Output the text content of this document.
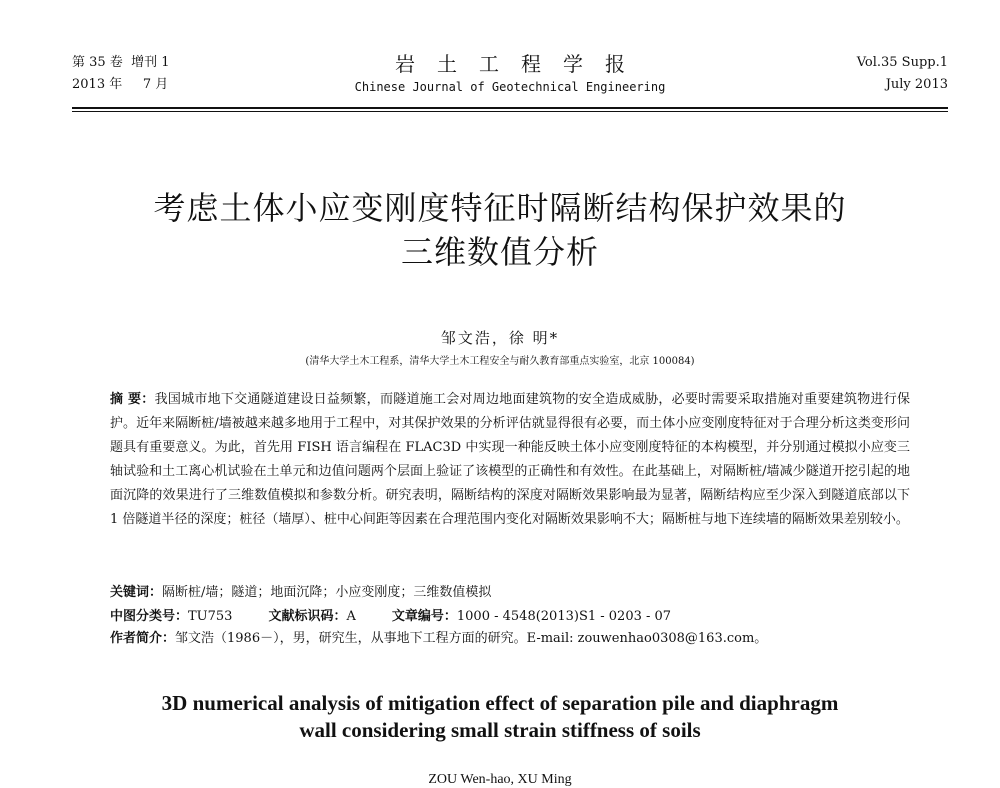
第 35 卷 增刊 1
2013 年 7 月
岩土工程学报
Chinese Journal of Geotechnical Engineering
Vol.35 Supp.1
July 2013
考虑土体小应变刚度特征时隔断结构保护效果的
三维数值分析
邹文浩，徐 明*
(清华大学土木工程系，清华大学土木工程安全与耐久教育部重点实验室，北京 100084)
摘 要：我国城市地下交通隧道建设日益频繁，而隧道施工会对周边地面建筑物的安全造成威胁，必要时需要采取措施对重要建筑物进行保护。近年来隔断桩/墙被越来越多地用于工程中，对其保护效果的分析评估就显得很有必要，而土体小应变刚度特征对于合理分析这类变形问题具有重要意义。为此，首先用 FISH 语言编程在 FLAC3D 中实现一种能反映土体小应变刚度特征的本构模型，并分别通过模拟小应变三轴试验和土工离心机试验在土单元和边值问题两个层面上验证了该模型的正确性和有效性。在此基础上，对隔断桩/墙减少隧道开挖引起的地面沉降的效果进行了三维数值模拟和参数分析。研究表明，隔断结构的深度对隔断效果影响最为显著，隔断结构应至少深入到隧道底部以下 1 倍隧道半径的深度；桩径（墙厚）、桩中心间距等因素在合理范围内变化对隔断效果影响不大；隔断桩与地下连续墙的隔断效果差别较小。
关键词：隔断桩/墙；隧道；地面沉降；小应变刚度；三维数值模拟
中图分类号：TU753	文献标识码：A	文章编号：1000 - 4548(2013)S1 - 0203 - 07
作者简介：邹文浩（1986－），男，研究生，从事地下工程方面的研究。E-mail: zouwenhao0308@163.com。
3D numerical analysis of mitigation effect of separation pile and diaphragm
wall considering small strain stiffness of soils
ZOU Wen-hao, XU Ming
